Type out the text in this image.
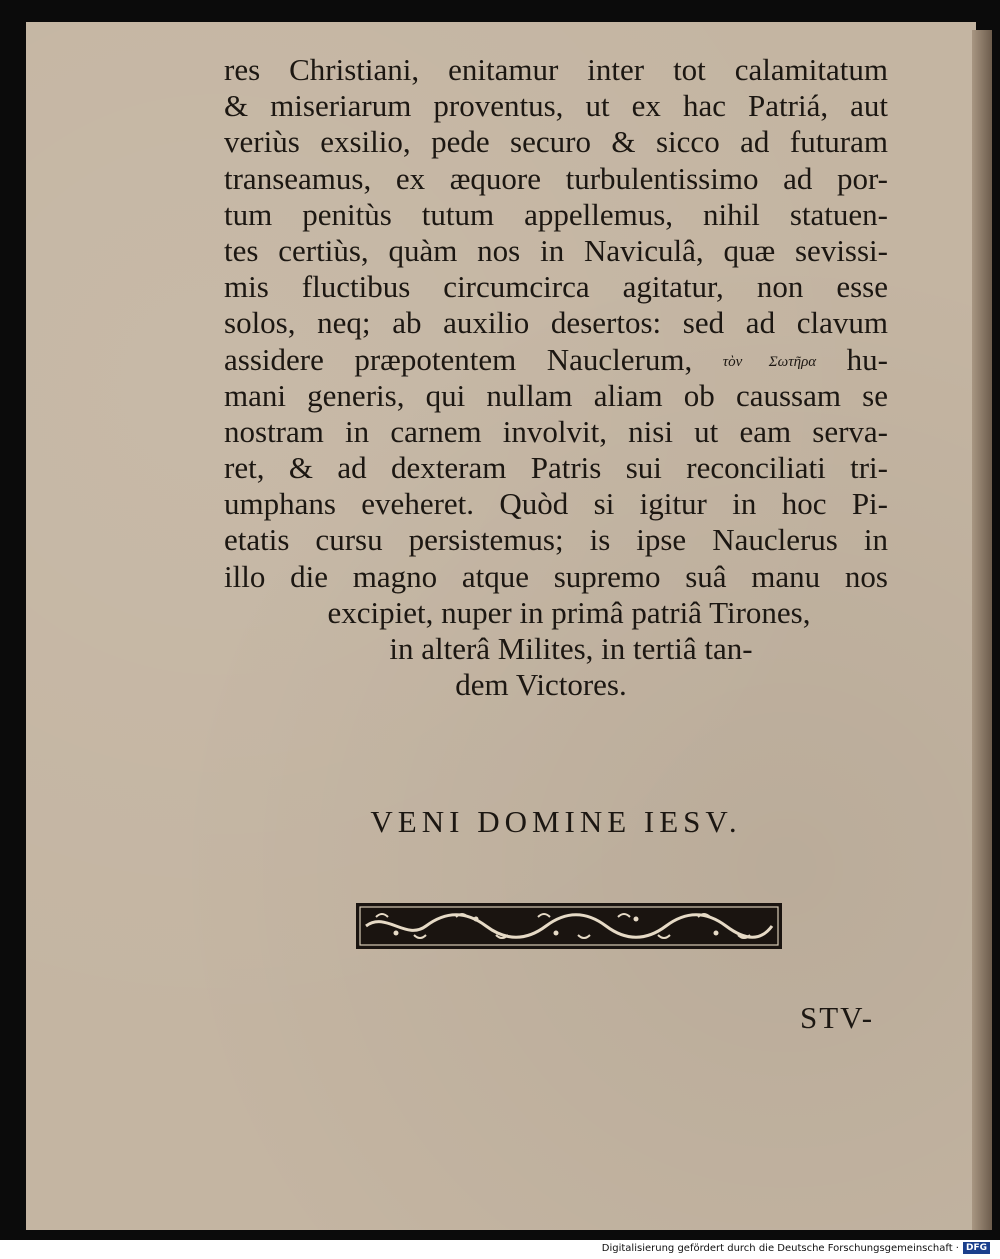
res Christiani, enitamur inter tot calamitatum
& miseriarum proventus, ut ex hac Patriá, aut
veriùs exsilio, pede securo & sicco ad futuram
transeamus, ex æquore turbulentissimo ad por-
tum penitùs tutum appellemus, nihil statuen-
tes certiùs, quàm nos in Naviculâ, quæ sevissi-
mis fluctibus circumcirca agitatur, non esse
solos, neq; ab auxilio desertos: sed ad clavum
assidere præpotentem Nauclerum, τὸν Σωτῆρα hu-
mani generis, qui nullam aliam ob caussam se
nostram in carnem involvit, nisi ut eam serva-
ret, & ad dexteram Patris sui reconciliati tri-
umphans eveheret. Quòd si igitur in hoc Pi-
etatis cursu persistemus; is ipse Nauclerus in
illo die magno atque supremo suâ manu nos
excipiet, nuper in primâ patriâ Tirones,
in alterâ Milites, in tertiâ tan-
dem Victores.
VENI DOMINE IESV.
STV-
Digitalisierung gefördert durch die Deutsche Forschungsgemeinschaft · DFG
